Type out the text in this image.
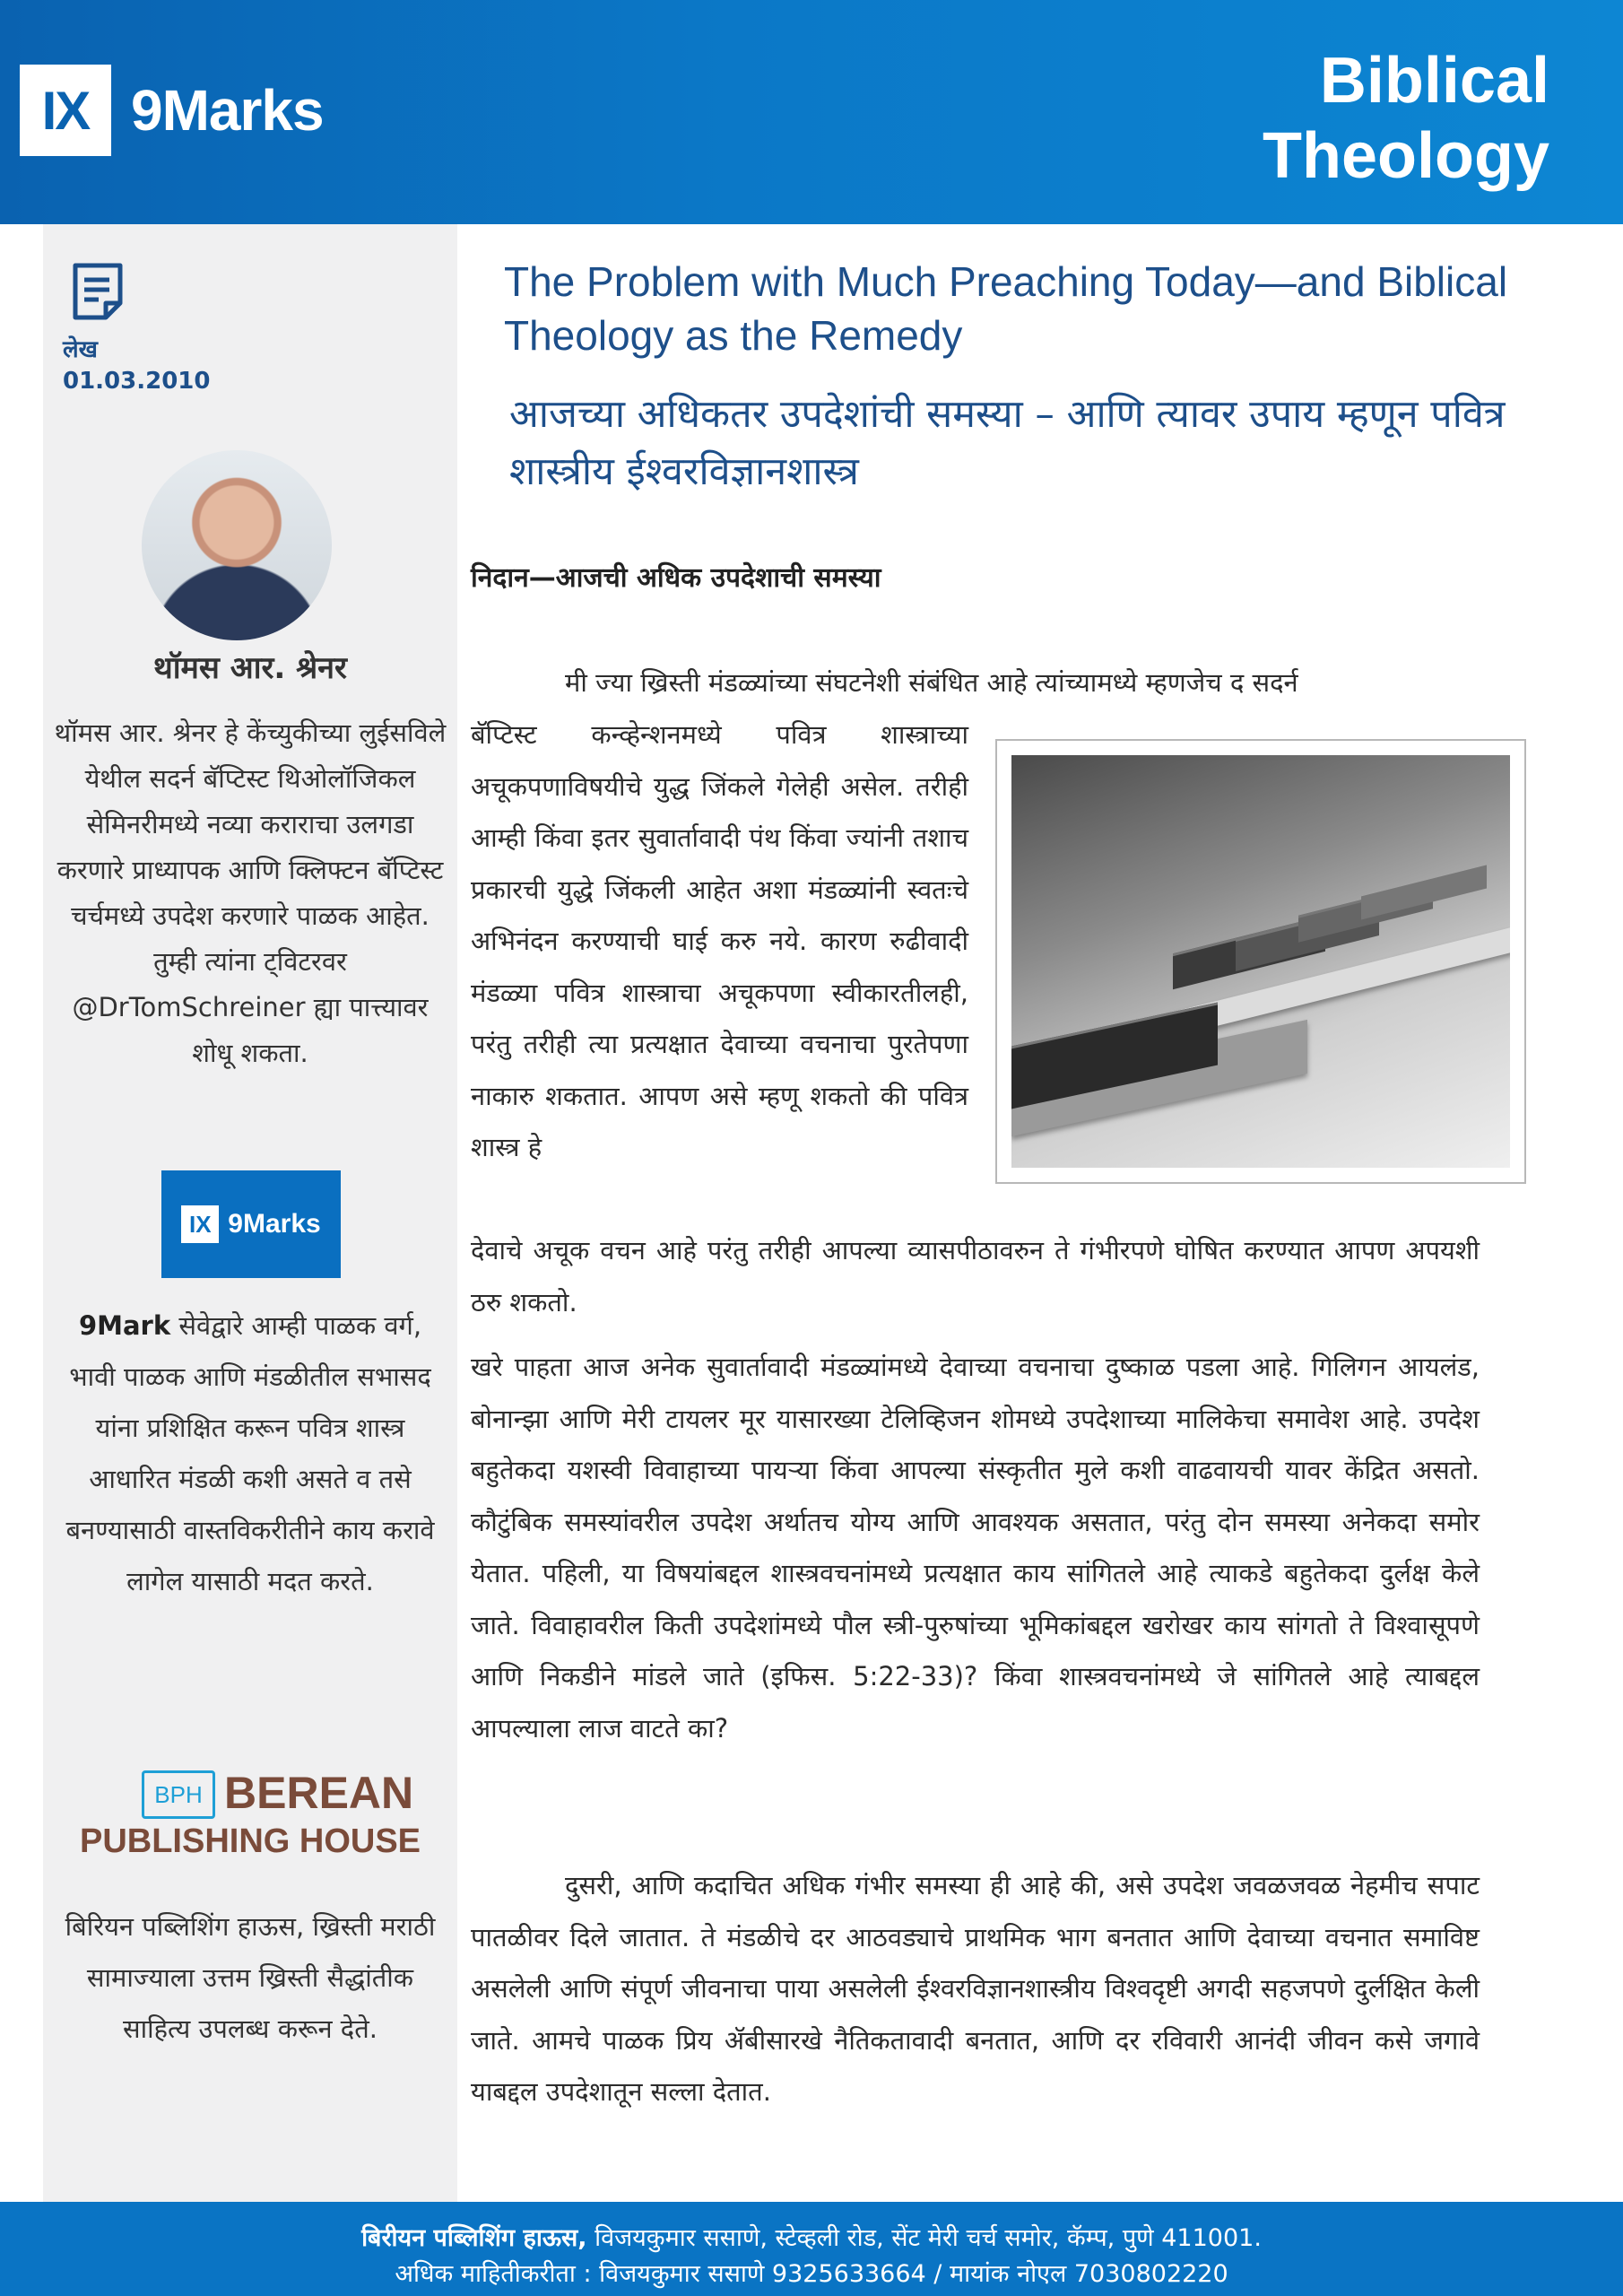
IX 9Marks	Biblical
Theology
लेख
01.03.2010
थॉमस आर. श्रेनर
थॉमस आर. श्रेनर हे केंच्युकीच्या लुईसविले येथील सदर्न बॅप्टिस्ट थिओलॉजिकल सेमिनरीमध्ये नव्या कराराचा उलगडा करणारे प्राध्यापक आणि क्लिफ्टन बॅप्टिस्ट चर्चमध्ये उपदेश करणारे पाळक आहेत. तुम्ही त्यांना ट्विटरवर @DrTomSchreiner ह्या पात्त्यावर शोधू शकता.
IX 9Marks
9Mark सेवेद्वारे आम्ही पाळक वर्ग, भावी पाळक आणि मंडळीतील सभासद यांना प्रशिक्षित करून पवित्र शास्त्र आधारित मंडळी कशी असते व तसे बनण्यासाठी वास्तविकरीतीने काय करावे लागेल यासाठी मदत करते.
BPH BEREAN
PUBLISHING HOUSE
बिरियन पब्लिशिंग हाऊस, ख्रिस्ती मराठी सामाज्याला उत्तम ख्रिस्ती सैद्धांतीक साहित्य उपलब्ध करून देते.
The Problem with Much Preaching Today—and Biblical Theology as the Remedy
आजच्या अधिकतर उपदेशांची समस्या – आणि त्यावर उपाय म्हणून पवित्र शास्त्रीय ईश्वरविज्ञानशास्त्र
निदान—आजची अधिक उपदेशाची समस्या
मी ज्या ख्रिस्ती मंडळ्यांच्या संघटनेशी संबंधित आहे त्यांच्यामध्ये म्हणजेच द सदर्न
बॅप्टिस्ट कन्व्हेन्शनमध्ये पवित्र शास्त्राच्या अचूकपणाविषयीचे युद्ध जिंकले गेलेही असेल. तरीही आम्ही किंवा इतर सुवार्तावादी पंथ किंवा ज्यांनी तशाच प्रकारची युद्धे जिंकली आहेत अशा मंडळ्यांनी स्वतःचे अभिनंदन करण्याची घाई करु नये. कारण रुढीवादी मंडळ्या पवित्र शास्त्राचा अचूकपणा स्वीकारतीलही, परंतु तरीही त्या प्रत्यक्षात देवाच्या वचनाचा पुरतेपणा नाकारु शकतात. आपण असे म्हणू शकतो की पवित्र शास्त्र हे
देवाचे अचूक वचन आहे परंतु तरीही आपल्या व्यासपीठावरुन ते गंभीरपणे घोषित करण्यात आपण अपयशी ठरु शकतो.
खरे पाहता आज अनेक सुवार्तावादी मंडळ्यांमध्ये देवाच्या वचनाचा दुष्काळ पडला आहे. गिलिगन आयलंड, बोनान्झा आणि मेरी टायलर मूर यासारख्या टेलिव्हिजन शोमध्ये उपदेशाच्या मालिकेचा समावेश आहे. उपदेश बहुतेकदा यशस्वी विवाहाच्या पायऱ्या किंवा आपल्या संस्कृतीत मुले कशी वाढवायची यावर केंद्रित असतो. कौटुंबिक समस्यांवरील उपदेश अर्थातच योग्य आणि आवश्यक असतात, परंतु दोन समस्या अनेकदा समोर येतात. पहिली, या विषयांबद्दल शास्त्रवचनांमध्ये प्रत्यक्षात काय सांगितले आहे त्याकडे बहुतेकदा दुर्लक्ष केले जाते. विवाहावरील किती उपदेशांमध्ये पौल स्त्री-पुरुषांच्या भूमिकांबद्दल खरोखर काय सांगतो ते विश्वासूपणे आणि निकडीने मांडले जाते (इफिस. 5:22-33)? किंवा शास्त्रवचनांमध्ये जे सांगितले आहे त्याबद्दल आपल्याला लाज वाटते का?
दुसरी, आणि कदाचित अधिक गंभीर समस्या ही आहे की, असे उपदेश जवळजवळ नेहमीच सपाट पातळीवर दिले जातात. ते मंडळीचे दर आठवड्याचे प्राथमिक भाग बनतात आणि देवाच्या वचनात समाविष्ट असलेली आणि संपूर्ण जीवनाचा पाया असलेली ईश्वरविज्ञानशास्त्रीय विश्वदृष्टी अगदी सहजपणे दुर्लक्षित केली जाते. आमचे पाळक प्रिय ॲबीसारखे नैतिकतावादी बनतात, आणि दर रविवारी आनंदी जीवन कसे जगावे याबद्दल उपदेशातून सल्ला देतात.
बिरीयन पब्लिशिंग हाऊस, विजयकुमार ससाणे, स्टेव्हली रोड, सेंट मेरी चर्च समोर, कॅम्प, पुणे 411001.
अधिक माहितीकरीता : विजयकुमार ससाणे 9325633664 / मायांक नोएल 7030802220
